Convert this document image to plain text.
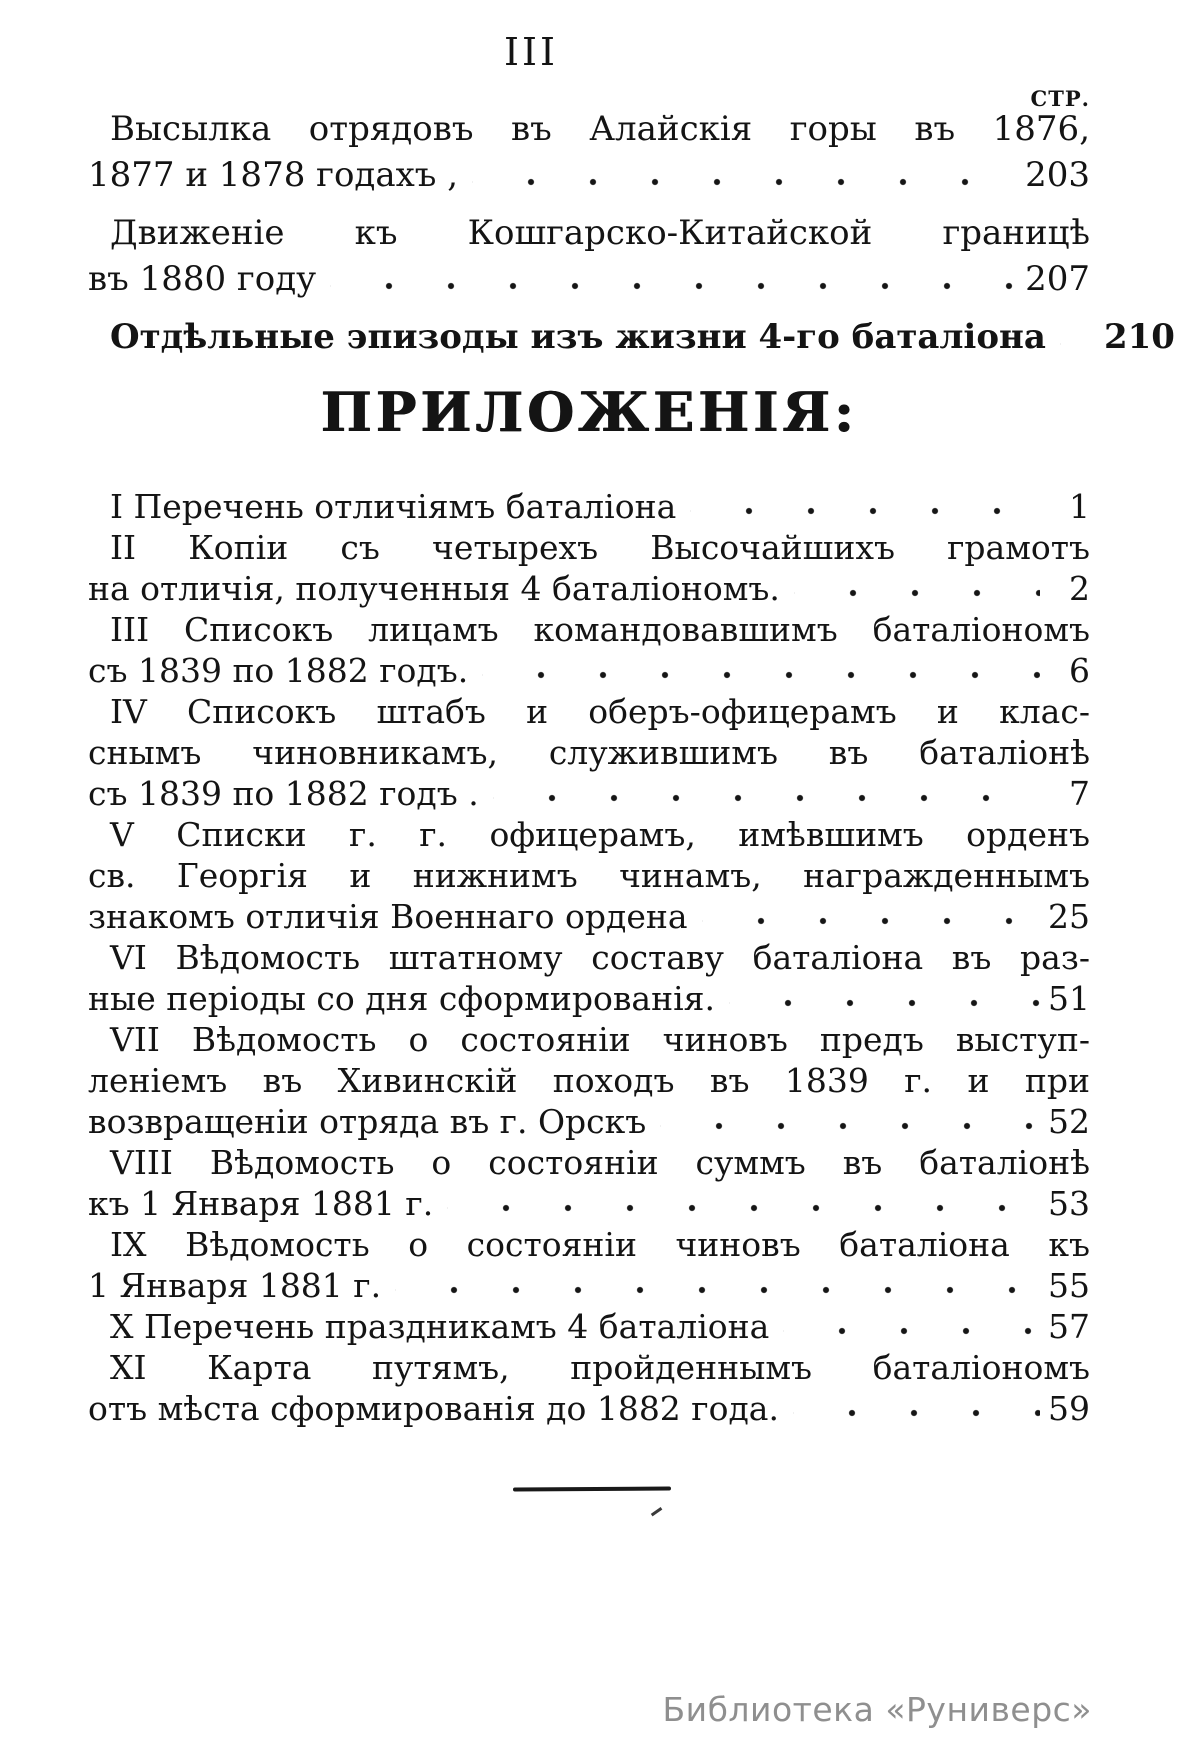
III
СТР.
Высылка отрядовъ въ Алайскія горы въ 1876,
1877 и 1878 годахъ ,	203
Движеніе къ Кошгарско-Китайской границѣ
въ 1880 году	207
Отдѣльные эпизоды изъ жизни 4-го баталіона 210
ПРИЛОЖЕНІЯ:
I Перечень отличіямъ баталіона	1
II Копіи съ четырехъ Высочайшихъ грамотъ
на отличія, полученныя 4 баталіономъ.	2
III Списокъ лицамъ командовавшимъ баталіономъ
съ 1839 по 1882 годъ.	6
IV Списокъ штабъ и оберъ-офицерамъ и клас-
снымъ чиновникамъ, служившимъ въ баталіонѣ
съ 1839 по 1882 годъ .	7
V Списки г. г. офицерамъ, имѣвшимъ орденъ
св. Георгія и нижнимъ чинамъ, награжденнымъ
знакомъ отличія Военнаго ордена	25
VI Вѣдомость штатному составу баталіона въ раз-
ные періоды со дня сформированія.	51
VII Вѣдомость о состояніи чиновъ предъ выступ-
леніемъ въ Хивинскій походъ въ 1839 г. и при
возвращеніи отряда въ г. Орскъ	52
VIII Вѣдомость о состояніи суммъ въ баталіонѣ
къ 1 Января 1881 г.	53
IX Вѣдомость о состояніи чиновъ баталіона къ
1 Января 1881 г.	55
X Перечень праздникамъ 4 баталіона	57
XI Карта путямъ, пройденнымъ баталіономъ
отъ мѣста сформированія до 1882 года.	59
Библиотека «Руниверс»
